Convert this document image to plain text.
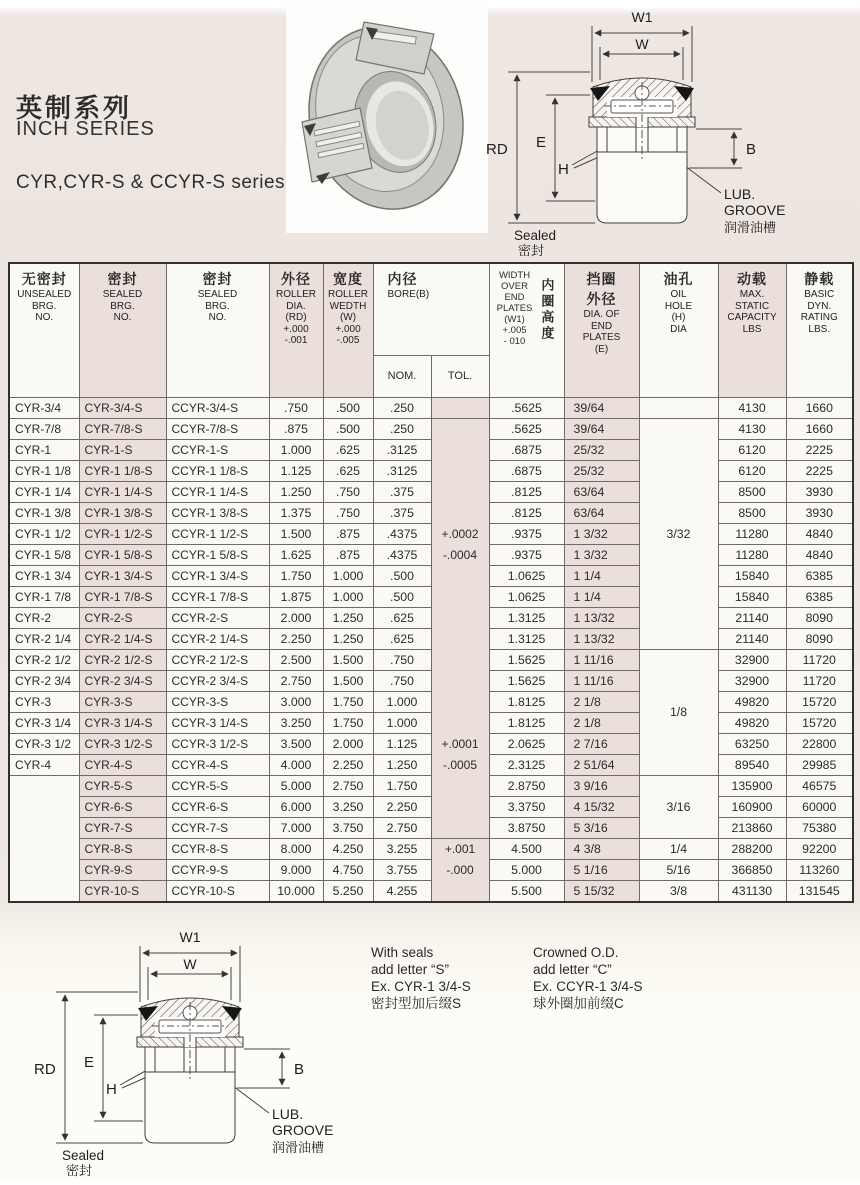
英制系列
INCH SERIES
CYR,CYR-S & CCYR-S series
W1
W
RD E
H
B
LUB.
GROOVE
润滑油槽
Sealed
密封
W1
W
RD E
H
B
LUB.
GROOVE
润滑油槽
Sealed
密封
无密封
UNSEALED
BRG.
NO.

密封
SEALED
BRG.
NO.

密封
SEALED
BRG.
NO.

外径
ROLLER
DIA.
(RD)
+.000
-.001

宽度
ROLLER
WEDTH
(W)
+.000
-.005

内径
BORE(B)

WIDTH
OVER
END
PLATES
(W1)
+.005
- 010	内圈高度	挡圈
外径
DIA. OF
END
PLATES
(E)

油孔
OIL
HOLE
(H)
DIA

动载
MAX.
STATIC
CAPACITY
LBS

静载
BASIC
DYN.
RATING
LBS.

					NOM.	TOL.					
CYR-3/4	CYR-3/4-S	CCYR-3/4-S	.750	.500	.250		.5625	39/64		4130	1660
CYR-7/8	CYR-7/8-S	CCYR-7/8-S	.875	.500	.250		.5625	39/64	3/32	4130	1660
CYR-1	CYR-1-S	CCYR-1-S	1.000	.625	.3125		.6875	25/32		6120	2225
CYR-1 1/8	CYR-1 1/8-S	CCYR-1 1/8-S	1.125	.625	.3125		.6875	25/32		6120	2225
CYR-1 1/4	CYR-1 1/4-S	CCYR-1 1/4-S	1.250	.750	.375		.8125	63/64		8500	3930
CYR-1 3/8	CYR-1 3/8-S	CCYR-1 3/8-S	1.375	.750	.375		.8125	63/64		8500	3930
CYR-1 1/2	CYR-1 1/2-S	CCYR-1 1/2-S	1.500	.875	.4375	+.0002	.9375	1 3/32		11280	4840
CYR-1 5/8	CYR-1 5/8-S	CCYR-1 5/8-S	1.625	.875	.4375	-.0004	.9375	1 3/32		11280	4840
CYR-1 3/4	CYR-1 3/4-S	CCYR-1 3/4-S	1.750	1.000	.500		1.0625	1 1/4		15840	6385
CYR-1 7/8	CYR-1 7/8-S	CCYR-1 7/8-S	1.875	1.000	.500		1.0625	1 1/4		15840	6385
CYR-2	CYR-2-S	CCYR-2-S	2.000	1.250	.625		1.3125	1 13/32		21140	8090
CYR-2 1/4	CYR-2 1/4-S	CCYR-2 1/4-S	2.250	1.250	.625		1.3125	1 13/32		21140	8090
CYR-2 1/2	CYR-2 1/2-S	CCYR-2 1/2-S	2.500	1.500	.750		1.5625	1 11/16	1/8	32900	11720
CYR-2 3/4	CYR-2 3/4-S	CCYR-2 3/4-S	2.750	1.500	.750		1.5625	1 11/16		32900	11720
CYR-3	CYR-3-S	CCYR-3-S	3.000	1.750	1.000		1.8125	2 1/8		49820	15720
CYR-3 1/4	CYR-3 1/4-S	CCYR-3 1/4-S	3.250	1.750	1.000		1.8125	2 1/8		49820	15720
CYR-3 1/2	CYR-3 1/2-S	CCYR-3 1/2-S	3.500	2.000	1.125	+.0001	2.0625	2 7/16		63250	22800
CYR-4	CYR-4-S	CCYR-4-S	4.000	2.250	1.250	-.0005	2.3125	2 51/64		89540	29985
	CYR-5-S	CCYR-5-S	5.000	2.750	1.750		2.8750	3 9/16	3/16	135900	46575
	CYR-6-S	CCYR-6-S	6.000	3.250	2.250		3.3750	4 15/32		160900	60000
	CYR-7-S	CCYR-7-S	7.000	3.750	2.750		3.8750	5 3/16		213860	75380
	CYR-8-S	CCYR-8-S	8.000	4.250	3.255	+.001	4.500	4 3/8	1/4	288200	92200
	CYR-9-S	CCYR-9-S	9.000	4.750	3.755	-.000	5.000	5 1/16	5/16	366850	113260
	CYR-10-S	CCYR-10-S	10.000	5.250	4.255		5.500	5 15/32	3/8	431130	131545
With seals
add letter “S”
Ex. CYR-1 3/4-S
密封型加后缀S
Crowned O.D.
add letter “C”
Ex. CCYR-1 3/4-S
球外圈加前缀C
